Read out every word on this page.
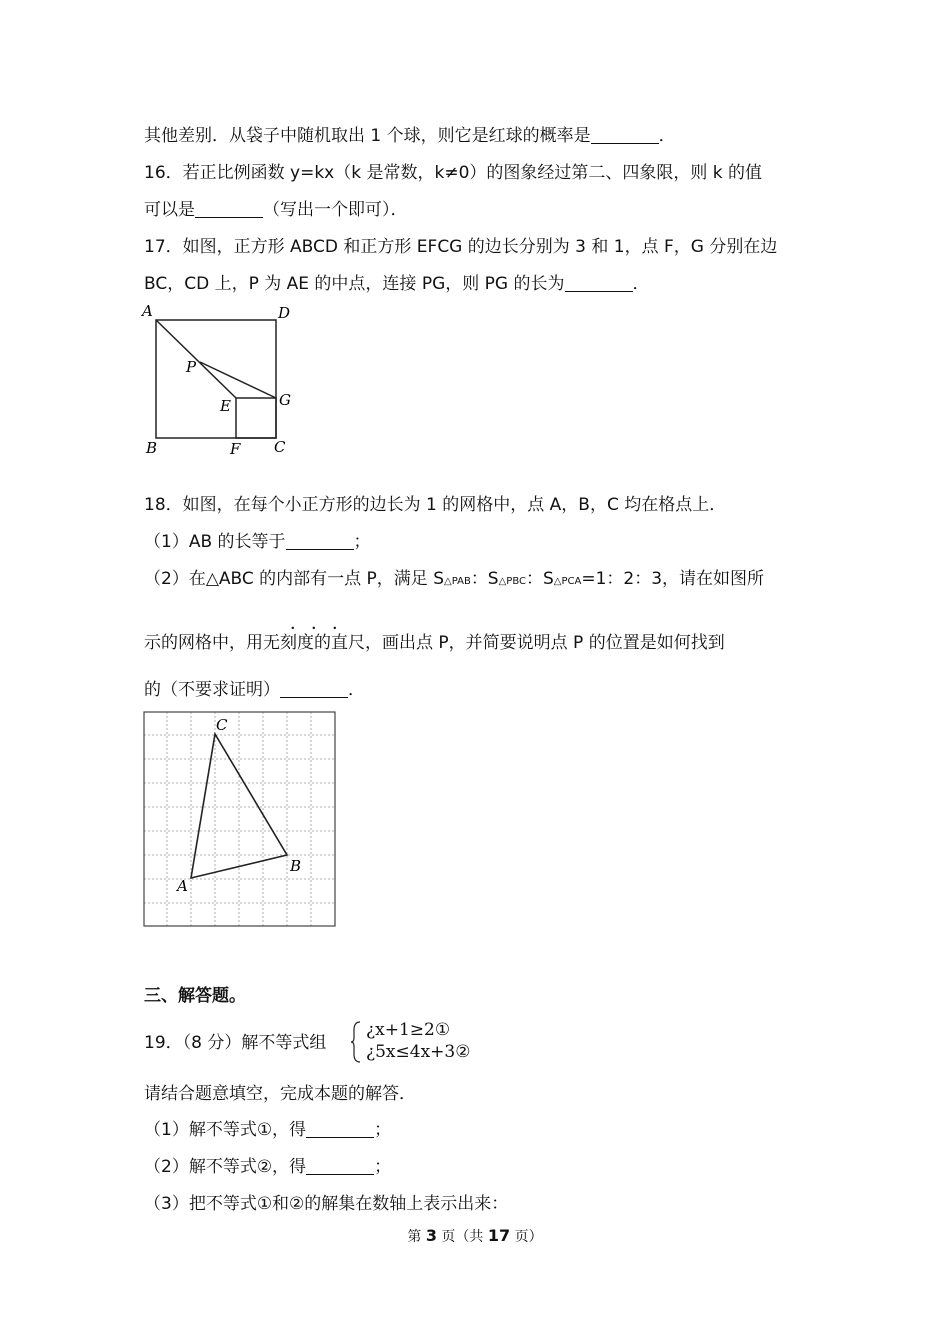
其他差别．从袋子中随机取出 1 个球，则它是红球的概率是	．
16．若正比例函数 y=kx（k 是常数，k≠0）的图象经过第二、四象限，则 k 的值
可以是	（写出一个即可）．
17．如图，正方形 ABCD 和正方形 EFCG 的边长分别为 3 和 1，点 F，G 分别在边
BC，CD 上，P 为 AE 的中点，连接 PG，则 PG 的长为	．
A	D
P
E	G
B	F C
18．如图，在每个小正方形的边长为 1 的网格中，点 A，B，C 均在格点上．
（1）AB 的长等于	；
（2）在△ABC 的内部有一点 P，满足 S△PAB：S△PBC：S△PCA=1：2：3，请在如图所
．．．
示的网格中，用无刻度的直尺，画出点 P，并简要说明点 P 的位置是如何找到
的（不要求证明）	．
A
B
C
三、解答题。
19．（8 分）解不等式组
¿x+1≥2①
¿5x≤4x+3②
请结合题意填空，完成本题的解答．
（1）解不等式①，得	；
（2）解不等式②，得	；
（3）把不等式①和②的解集在数轴上表示出来：
第 3 页（共 17 页）
